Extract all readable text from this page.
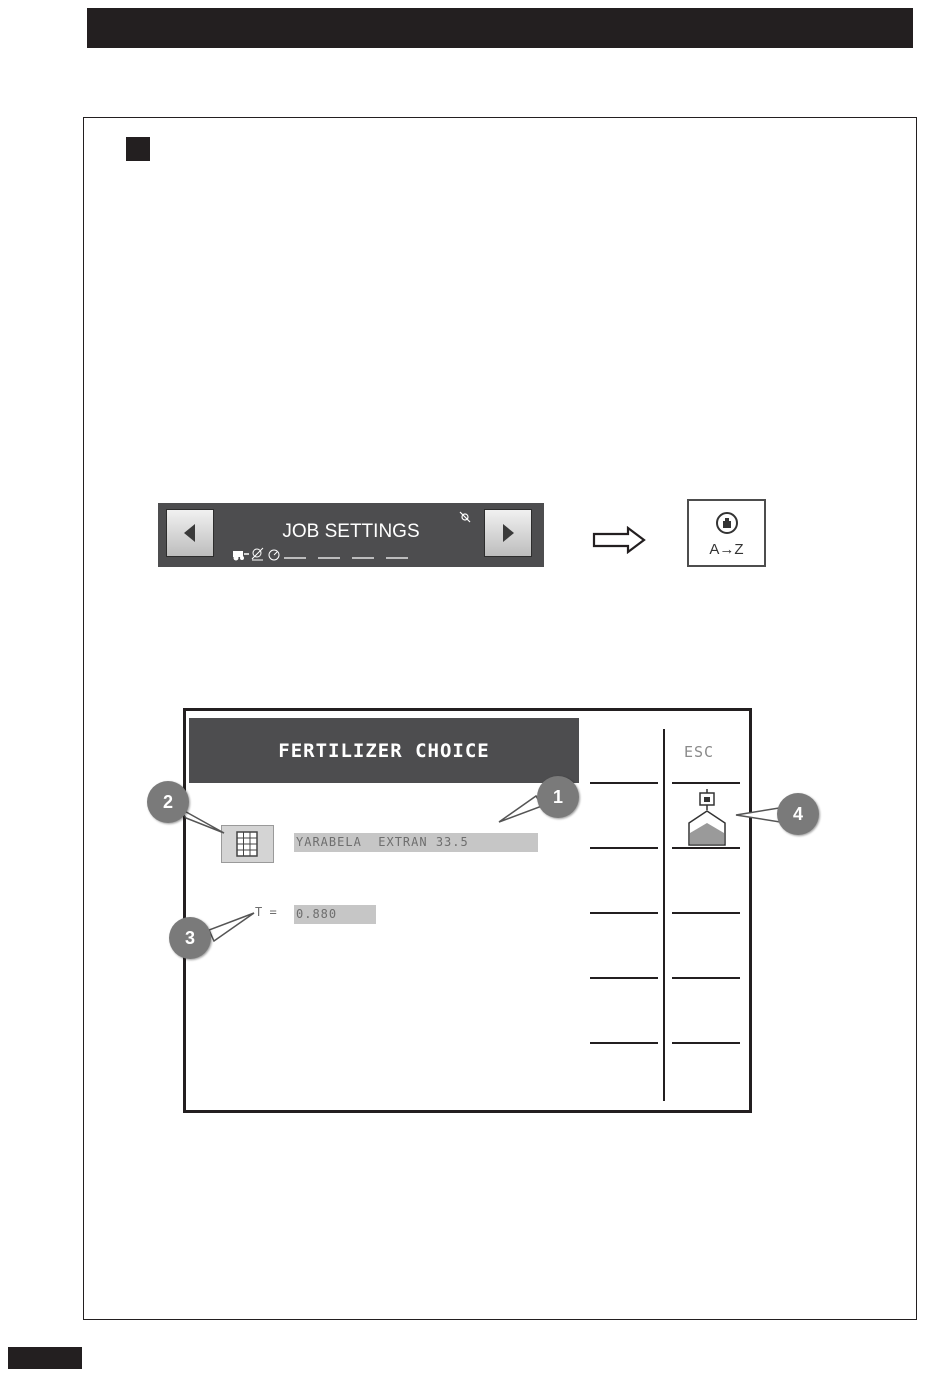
JOB SETTINGS
A→Z
FERTILIZER CHOICE	ESC
YARABELA  EXTRAN 33.5
T = 0.880
1
2
3
4
